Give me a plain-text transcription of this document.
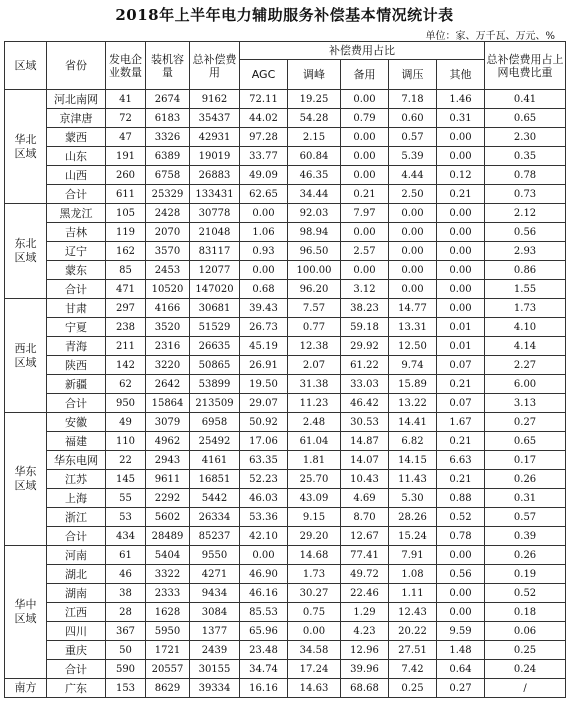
2018年上半年电力辅助服务补偿基本情况统计表
单位：家、万千瓦、万元、%
区域	省份	发电企业数量	装机容量	总补偿费用	补偿费用占比					总补偿费用占上网电费比重
					AGC	调峰	备用	调压	其他	
华北区域	河北南网	41	2674	9162	72.11	19.25	0.00	7.18	1.46	0.41
	京津唐	72	6183	35437	44.02	54.28	0.79	0.60	0.31	0.65
	蒙西	47	3326	42931	97.28	2.15	0.00	0.57	0.00	2.30
	山东	191	6389	19019	33.77	60.84	0.00	5.39	0.00	0.35
	山西	260	6758	26883	49.09	46.35	0.00	4.44	0.12	0.78
	合计	611	25329	133431	62.65	34.44	0.21	2.50	0.21	0.73
东北区域	黑龙江	105	2428	30778	0.00	92.03	7.97	0.00	0.00	2.12
	吉林	119	2070	21048	1.06	98.94	0.00	0.00	0.00	0.56
	辽宁	162	3570	83117	0.93	96.50	2.57	0.00	0.00	2.93
	蒙东	85	2453	12077	0.00	100.00	0.00	0.00	0.00	0.86
	合计	471	10520	147020	0.68	96.20	3.12	0.00	0.00	1.55
西北区域	甘肃	297	4166	30681	39.43	7.57	38.23	14.77	0.00	1.73
	宁夏	238	3520	51529	26.73	0.77	59.18	13.31	0.01	4.10
	青海	211	2316	26635	45.19	12.38	29.92	12.50	0.01	4.14
	陕西	142	3220	50865	26.91	2.07	61.22	9.74	0.07	2.27
	新疆	62	2642	53899	19.50	31.38	33.03	15.89	0.21	6.00
	合计	950	15864	213509	29.07	11.23	46.42	13.22	0.07	3.13
华东区域	安徽	49	3079	6958	50.92	2.48	30.53	14.41	1.67	0.27
	福建	110	4962	25492	17.06	61.04	14.87	6.82	0.21	0.65
	华东电网	22	2943	4161	63.35	1.81	14.07	14.15	6.63	0.17
	江苏	145	9611	16851	52.23	25.70	10.43	11.43	0.21	0.26
	上海	55	2292	5442	46.03	43.09	4.69	5.30	0.88	0.31
	浙江	53	5602	26334	53.36	9.15	8.70	28.26	0.52	0.57
	合计	434	28489	85237	42.10	29.20	12.67	15.24	0.78	0.39
华中区域	河南	61	5404	9550	0.00	14.68	77.41	7.91	0.00	0.26
	湖北	46	3322	4271	46.90	1.73	49.72	1.08	0.56	0.19
	湖南	38	2333	9434	46.16	30.27	22.46	1.11	0.00	0.52
	江西	28	1628	3084	85.53	0.75	1.29	12.43	0.00	0.18
	四川	367	5950	1377	65.96	0.00	4.23	20.22	9.59	0.06
	重庆	50	1721	2439	23.48	34.58	12.96	27.51	1.48	0.25
	合计	590	20557	30155	34.74	17.24	39.96	7.42	0.64	0.24
南方	广东	153	8629	39334	16.16	14.63	68.68	0.25	0.27	/
